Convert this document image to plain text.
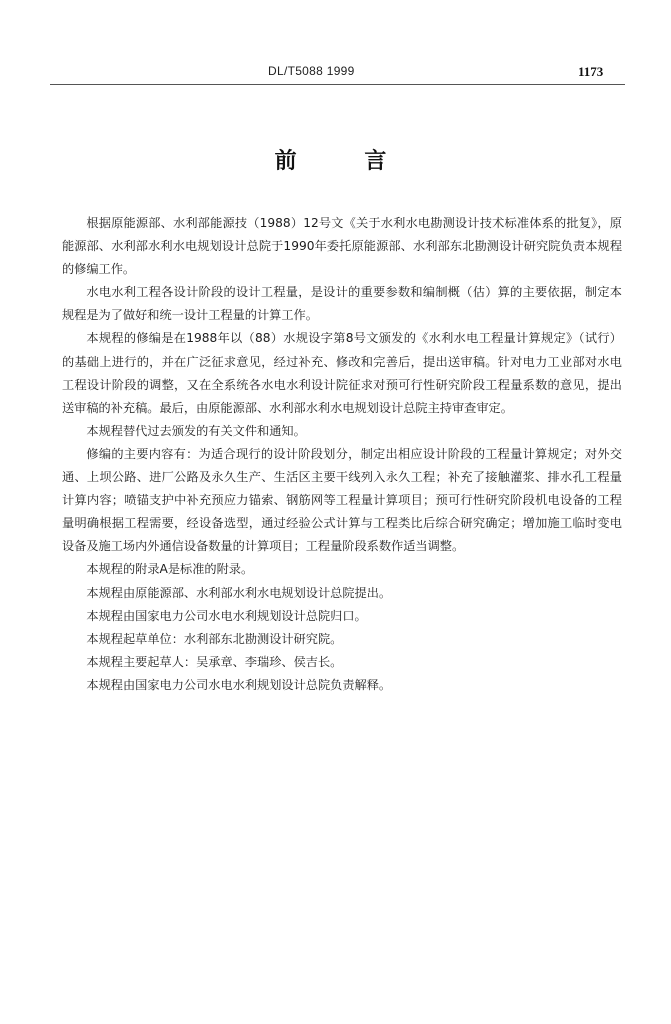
DL/T5088 1999	1173
前 言

根据原能源部、水利部能源技（1988）12号文《关于水利水电勘测设计技术标准体系的批复》，原能源部、水利部水利水电规划设计总院于1990年委托原能源部、水利部东北勘测设计研究院负责本规程的修编工作。

水电水利工程各设计阶段的设计工程量，是设计的重要参数和编制概（估）算的主要依据，制定本规程是为了做好和统一设计工程量的计算工作。

本规程的修编是在1988年以（88）水规设字第8号文颁发的《水利水电工程量计算规定》（试行）的基础上进行的，并在广泛征求意见，经过补充、修改和完善后，提出送审稿。针对电力工业部对水电工程设计阶段的调整，又在全系统各水电水利设计院征求对预可行性研究阶段工程量系数的意见，提出送审稿的补充稿。最后，由原能源部、水利部水利水电规划设计总院主持审查审定。

本规程替代过去颁发的有关文件和通知。

修编的主要内容有：为适合现行的设计阶段划分，制定出相应设计阶段的工程量计算规定；对外交通、上坝公路、进厂公路及永久生产、生活区主要干线列入永久工程；补充了接触灌浆、排水孔工程量计算内容；喷锚支护中补充预应力锚索、钢筋网等工程量计算项目；预可行性研究阶段机电设备的工程量明确根据工程需要，经设备选型，通过经验公式计算与工程类比后综合研究确定；增加施工临时变电设备及施工场内外通信设备数量的计算项目；工程量阶段系数作适当调整。

本规程的附录A是标准的附录。

本规程由原能源部、水利部水利水电规划设计总院提出。

本规程由国家电力公司水电水利规划设计总院归口。

本规程起草单位：水利部东北勘测设计研究院。

本规程主要起草人：吴承章、李瑞珍、侯吉长。

本规程由国家电力公司水电水利规划设计总院负责解释。
